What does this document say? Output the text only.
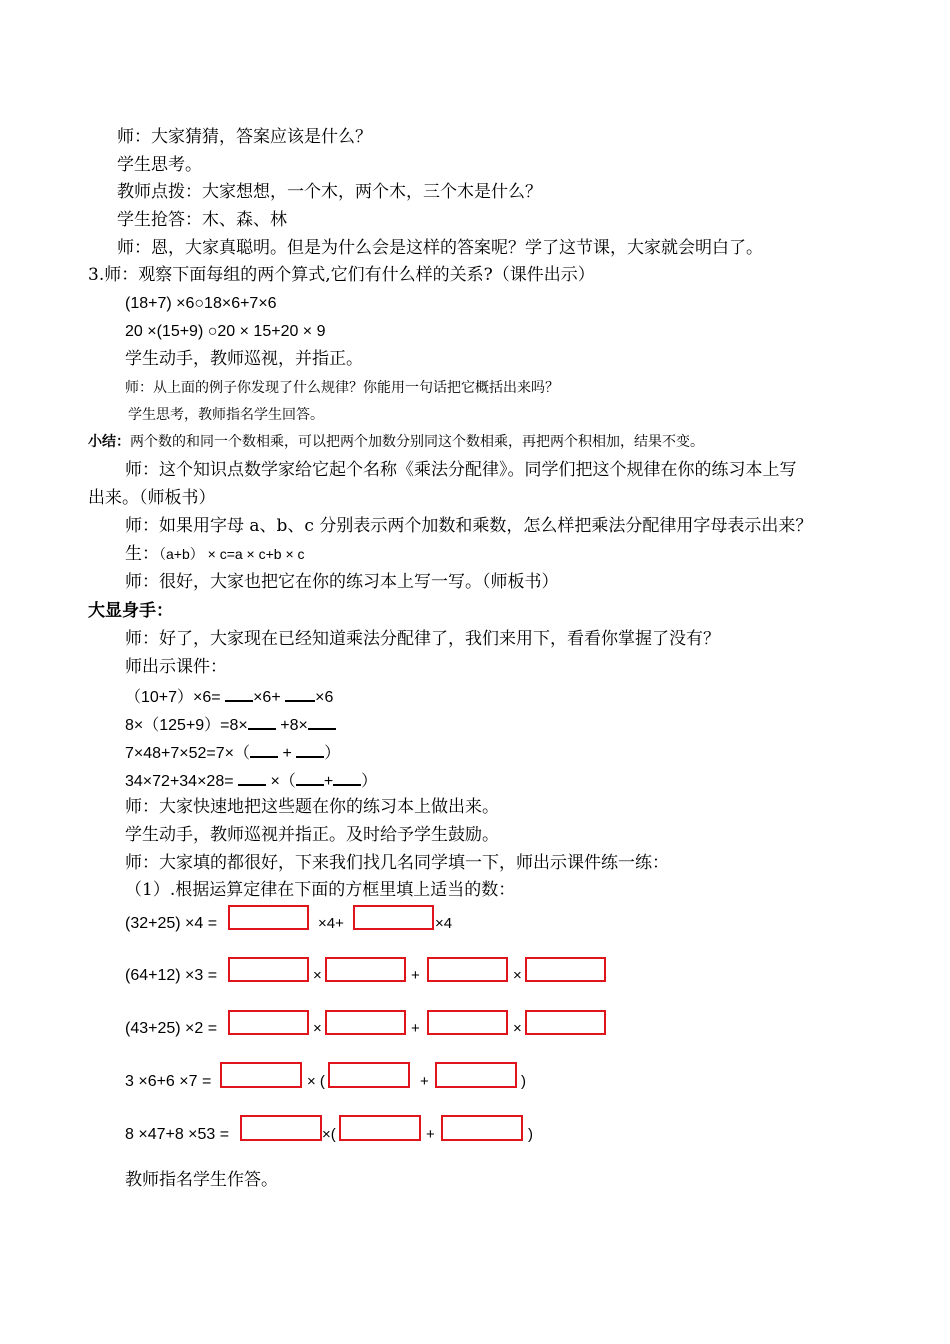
师：大家猜猜，答案应该是什么？
学生思考。
教师点拨：大家想想，一个木，两个木，三个木是什么？
学生抢答：木、森、林
师：恩，大家真聪明。但是为什么会是这样的答案呢？学了这节课，大家就会明白了。
3.师：观察下面每组的两个算式,它们有什么样的关系?（课件出示）
(18+7) ×6○18×6+7×6
20 ×(15+9) ○20 × 15+20 × 9
学生动手，教师巡视，并指正。
师：从上面的例子你发现了什么规律？你能用一句话把它概括出来吗？
学生思考，教师指名学生回答。
小结：两个数的和同一个数相乘，可以把两个加数分别同这个数相乘，再把两个积相加，结果不变。
师：这个知识点数学家给它起个名称《乘法分配律》。同学们把这个规律在你的练习本上写
出来。（师板书）
师：如果用字母 a、b、c 分别表示两个加数和乘数，怎么样把乘法分配律用字母表示出来？
生：（a+b） × c=a × c+b × c
师：很好，大家也把它在你的练习本上写一写。（师板书）
大显身手：
师：好了，大家现在已经知道乘法分配律了，我们来用下，看看你掌握了没有？
师出示课件：
（10+7）×6= ×6+ ×6
8×（125+9）=8× +8×
7×48+7×52=7×（ + ）
34×72+34×28=  ×（ + ）
师：大家快速地把这些题在你的练习本上做出来。
学生动手，教师巡视并指正。及时给予学生鼓励。
师：大家填的都很好，下来我们找几名同学填一下，师出示课件练一练：
（1）.根据运算定律在下面的方框里填上适当的数：
(32+25) ×4 =	×4+	×4
(64+12) ×3 =	×	+	×
(43+25) ×2 =	×	+	×
3 ×6+6 ×7 =	× (	+	)
8 ×47+8 ×53 =	×(	+	)
教师指名学生作答。
